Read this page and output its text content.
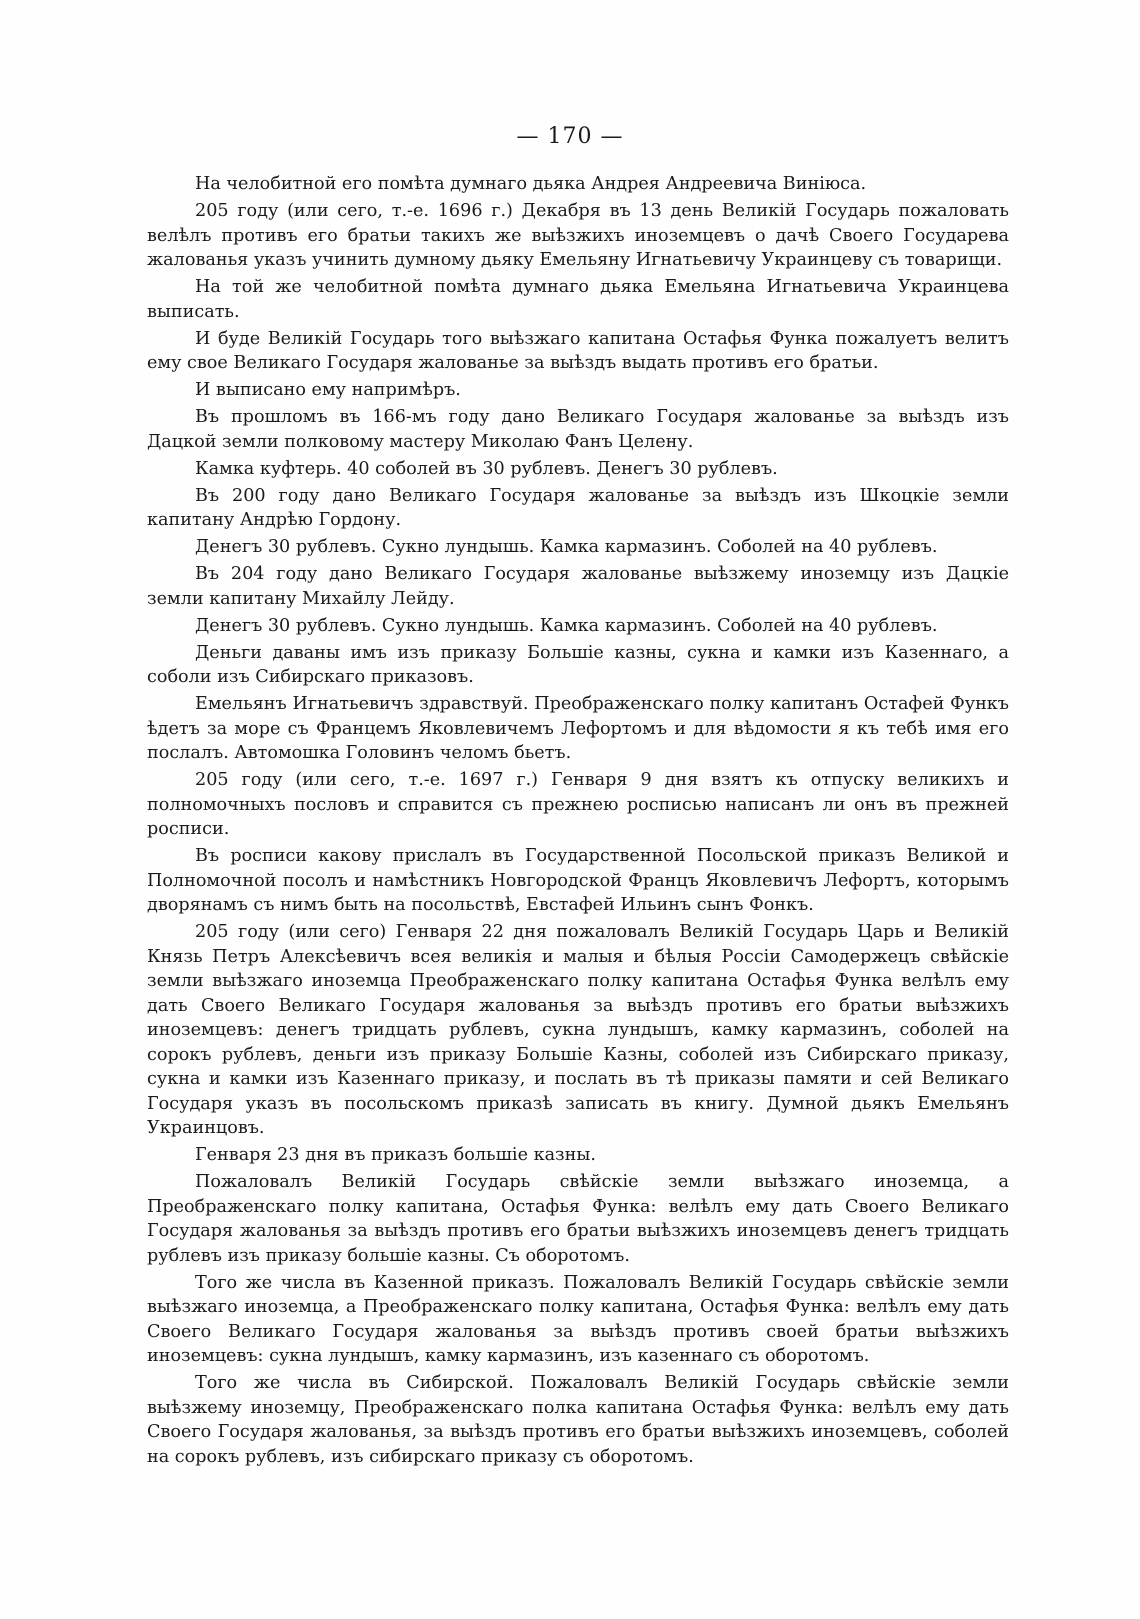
— 170 —

На челобитной его помѣта думнаго дьяка Андрея Андреевича Виніюса.

205 году (или сего, т.-е. 1696 г.) Декабря въ 13 день Великій Государь пожаловать велѣлъ противъ его братьи такихъ же выѣзжихъ иноземцевъ о дачѣ Своего Государева жалованья указъ учинить думному дьяку Емельяну Игнатьевичу Украинцеву съ товарищи.

На той же челобитной помѣта думнаго дьяка Емельяна Игнатьевича Украинцева выписать.

И буде Великій Государь того выѣзжаго капитана Остафья Функа пожалуетъ велитъ ему свое Великаго Государя жалованье за выѣздъ выдать противъ его братьи.

И выписано ему напримѣръ.

Въ прошломъ въ 166-мъ году дано Великаго Государя жалованье за выѣздъ изъ Дацкой земли полковому мастеру Миколаю Фанъ Целену.

Камка куфтерь. 40 соболей въ 30 рублевъ. Денегъ 30 рублевъ.

Въ 200 году дано Великаго Государя жалованье за выѣздъ изъ Шкоцкіе земли капитану Андрѣю Гордону.

Денегъ 30 рублевъ. Сукно лундышь. Камка кармазинъ. Соболей на 40 рублевъ.

Въ 204 году дано Великаго Государя жалованье выѣзжему иноземцу изъ Дацкіе земли капитану Михайлу Лейду.

Денегъ 30 рублевъ. Сукно лундышь. Камка кармазинъ. Соболей на 40 рублевъ.

Деньги даваны имъ изъ приказу Большіе казны, сукна и камки изъ Казеннаго, а соболи изъ Сибирскаго приказовъ.

Емельянъ Игнатьевичъ здравствуй. Преображенскаго полку капитанъ Остафей Функъ ѣдетъ за море съ Францемъ Яковлевичемъ Лефортомъ и для вѣдомости я къ тебѣ имя его послалъ. Автомошка Головинъ челомъ бьетъ.

205 году (или сего, т.-е. 1697 г.) Генваря 9 дня взятъ къ отпуску великихъ и полномочныхъ пословъ и справится съ прежнею росписью написанъ ли онъ въ прежней росписи.

Въ росписи какову прислалъ въ Государственной Посольской приказъ Великой и Полномочной посолъ и намѣстникъ Новгородской Францъ Яковлевичъ Лефортъ, которымъ дворянамъ съ нимъ быть на посольствѣ, Евстафей Ильинъ сынъ Фонкъ.

205 году (или сего) Генваря 22 дня пожаловалъ Великій Государь Царь и Великій Князь Петръ Алексѣевичъ всея великія и малыя и бѣлыя Россіи Самодержецъ свѣйскіе земли выѣзжаго иноземца Преображенскаго полку капитана Остафья Функа велѣлъ ему дать Своего Великаго Государя жалованья за выѣздъ противъ его братьи выѣзжихъ иноземцевъ: денегъ тридцать рублевъ, сукна лундышъ, камку кармазинъ, соболей на сорокъ рублевъ, деньги изъ приказу Большіе Казны, соболей изъ Сибирскаго приказу, сукна и камки изъ Казеннаго приказу, и послать въ тѣ приказы памяти и сей Великаго Государя указъ въ посольскомъ приказѣ записать въ книгу. Думной дьякъ Емельянъ Украинцовъ.

Генваря 23 дня въ приказъ большіе казны.

Пожаловалъ Великій Государь свѣйскіе земли выѣзжаго иноземца, а Преображенскаго полку капитана, Остафья Функа: велѣлъ ему дать Своего Великаго Государя жалованья за выѣздъ противъ его братьи выѣзжихъ иноземцевъ денегъ тридцать рублевъ изъ приказу большіе казны. Съ оборотомъ.

Того же числа въ Казенной приказъ. Пожаловалъ Великій Государь свѣйскіе земли выѣзжаго иноземца, а Преображенскаго полку капитана, Остафья Функа: велѣлъ ему дать Своего Великаго Государя жалованья за выѣздъ противъ своей братьи выѣзжихъ иноземцевъ: сукна лундышъ, камку кармазинъ, изъ казеннаго съ оборотомъ.

Того же числа въ Сибирской. Пожаловалъ Великій Государь свѣйскіе земли выѣзжему иноземцу, Преображенскаго полка капитана Остафья Функа: велѣлъ ему дать Своего Государя жалованья, за выѣздъ противъ его братьи выѣзжихъ иноземцевъ, соболей на сорокъ рублевъ, изъ сибирскаго приказу съ оборотомъ.
